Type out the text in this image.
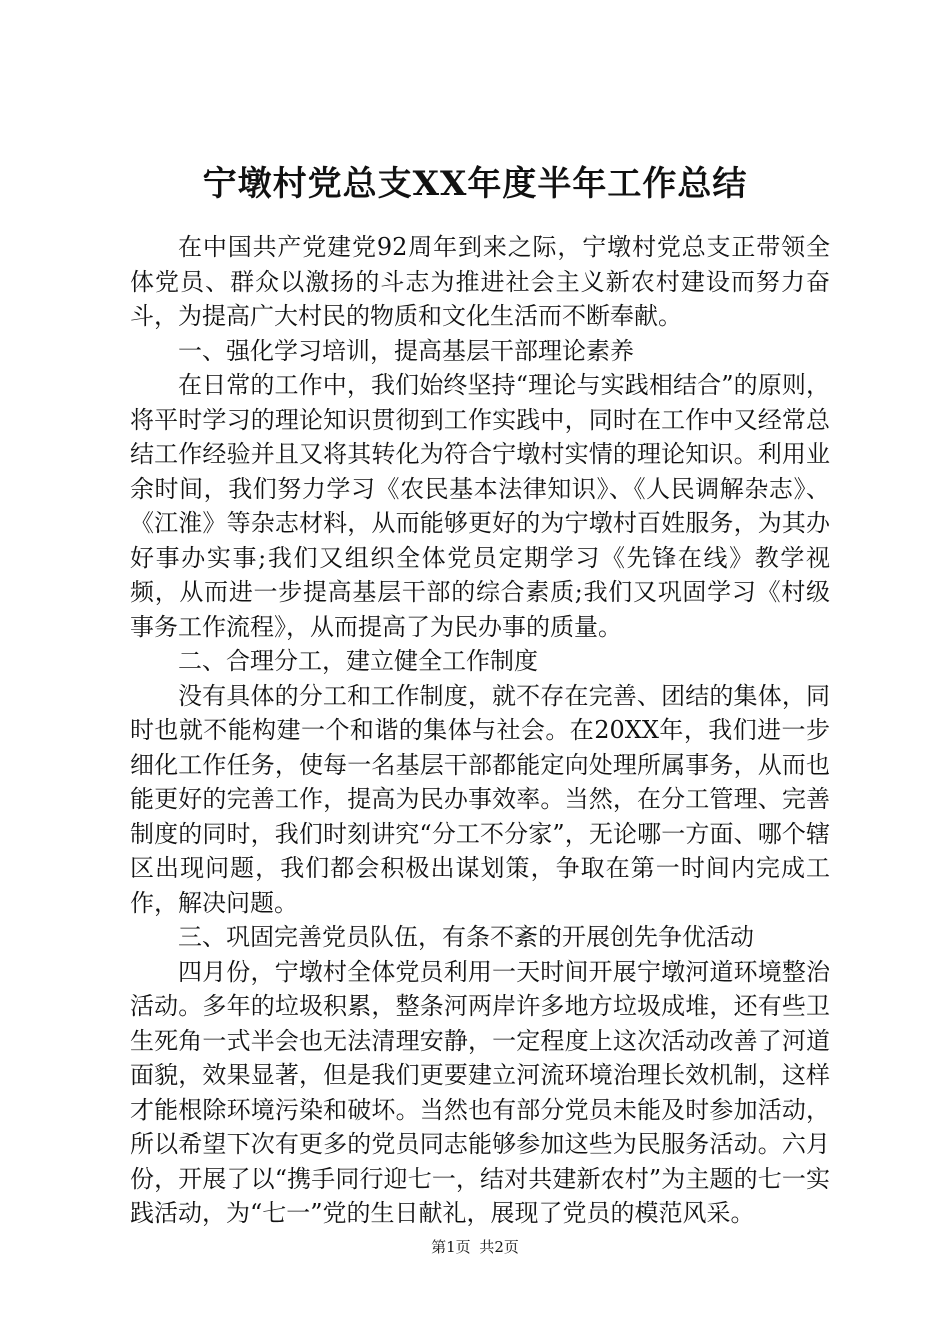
宁墩村党总支XX年度半年工作总结

在中国共产党建党92周年到来之际，宁墩村党总支正带领全体党员、群众以激扬的斗志为推进社会主义新农村建设而努力奋斗，为提高广大村民的物质和文化生活而不断奉献。

一、强化学习培训，提高基层干部理论素养

在日常的工作中，我们始终坚持“理论与实践相结合”的原则，将平时学习的理论知识贯彻到工作实践中，同时在工作中又经常总结工作经验并且又将其转化为符合宁墩村实情的理论知识。利用业余时间，我们努力学习《农民基本法律知识》、《人民调解杂志》、《江淮》等杂志材料，从而能够更好的为宁墩村百姓服务，为其办好事办实事;我们又组织全体党员定期学习《先锋在线》教学视频，从而进一步提高基层干部的综合素质;我们又巩固学习《村级事务工作流程》，从而提高了为民办事的质量。

二、合理分工，建立健全工作制度

没有具体的分工和工作制度，就不存在完善、团结的集体，同时也就不能构建一个和谐的集体与社会。在20XX年，我们进一步细化工作任务，使每一名基层干部都能定向处理所属事务，从而也能更好的完善工作，提高为民办事效率。当然，在分工管理、完善制度的同时，我们时刻讲究“分工不分家”，无论哪一方面、哪个辖区出现问题，我们都会积极出谋划策，争取在第一时间内完成工作，解决问题。

三、巩固完善党员队伍，有条不紊的开展创先争优活动

四月份，宁墩村全体党员利用一天时间开展宁墩河道环境整治活动。多年的垃圾积累，整条河两岸许多地方垃圾成堆，还有些卫生死角一式半会也无法清理安静，一定程度上这次活动改善了河道面貌，效果显著，但是我们更要建立河流环境治理长效机制，这样才能根除环境污染和破坏。当然也有部分党员未能及时参加活动，所以希望下次有更多的党员同志能够参加这些为民服务活动。六月份，开展了以“携手同行迎七一，结对共建新农村”为主题的七一实践活动，为“七一”党的生日献礼，展现了党员的模范风采。

第1页 共2页
